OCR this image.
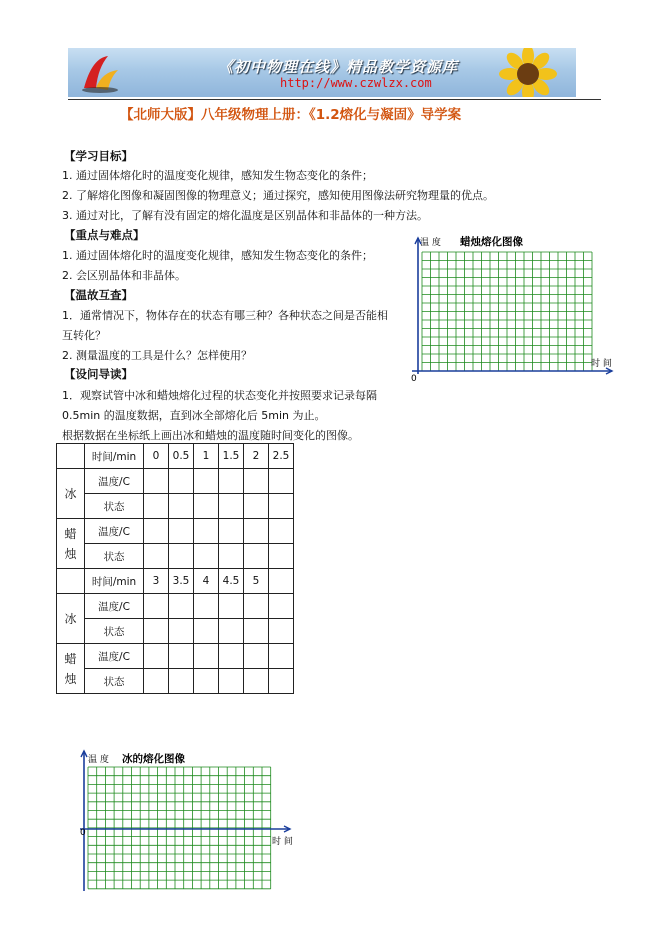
《初中物理在线》精品教学资源库
http://www.czwlzx.com
【北师大版】八年级物理上册：《1.2熔化与凝固》导学案
【学习目标】
1. 通过固体熔化时的温度变化规律，感知发生物态变化的条件；
2. 了解熔化图像和凝固图像的物理意义；通过探究，感知使用图像法研究物理量的优点。
3. 通过对比，了解有没有固定的熔化温度是区别晶体和非晶体的一种方法。
【重点与难点】
1. 通过固体熔化时的温度变化规律，感知发生物态变化的条件；
2. 会区别晶体和非晶体。
【温故互查】
1．通常情况下，物体存在的状态有哪三种？各种状态之间是否能相
互转化？
2. 测量温度的工具是什么？怎样使用？
【设问导读】
1．观察试管中冰和蜡烛熔化过程的状态变化并按照要求记录每隔
0.5min 的温度数据，直到冰全部熔化后 5min 为止。
根据数据在坐标纸上画出冰和蜡烛的温度随时间变化的图像。
	时间/min	0	0.5	1	1.5	2	2.5
冰	温度/C						
	状态						
蜡
烛	温度/C						
	状态						
	时间/min	3	3.5	4	4.5	5	
冰	温度/C						
	状态						
蜡
烛	温度/C						
	状态						
温 度 蜡烛熔化图像
0
时 间
温 度 冰的熔化图像
0
时 间
